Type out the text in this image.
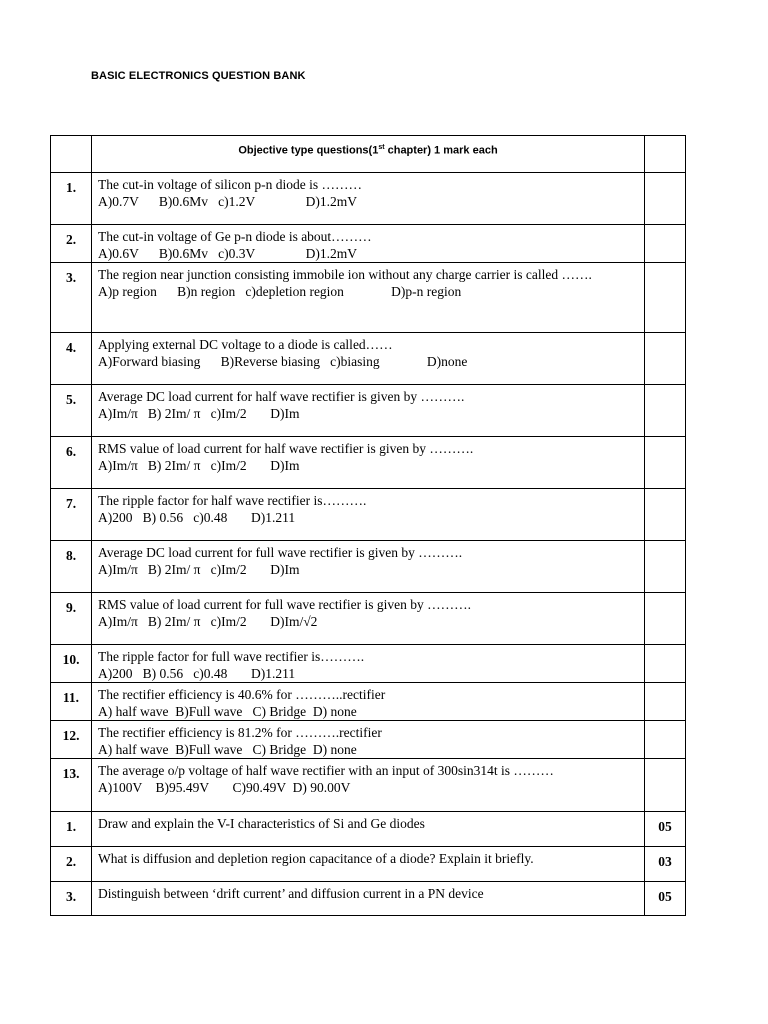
BASIC ELECTRONICS QUESTION BANK
	Objective type questions(1st chapter) 1 mark each	
1.	The cut-in voltage of silicon p-n diode is ………
A)0.7V      B)0.6Mv   c)1.2V               D)1.2mV	

2.	The cut-in voltage of Ge p-n diode is about………
A)0.6V      B)0.6Mv   c)0.3V               D)1.2mV	

3.	The region near junction consisting immobile ion without any charge carrier is called …….
A)p region      B)n region   c)depletion region              D)p-n region	

4.	Applying external DC voltage to a diode is called……
A)Forward biasing      B)Reverse biasing   c)biasing              D)none	

5.	Average DC load current for half wave rectifier is given by ……….
A)Im/π   B) 2Im/ π   c)Im/2       D)Im	

6.	RMS value of load current for half wave rectifier is given by ……….
A)Im/π   B) 2Im/ π   c)Im/2       D)Im	

7.	The ripple factor for half wave rectifier is……….
A)200   B) 0.56   c)0.48       D)1.211	

8.	Average DC load current for full wave rectifier is given by ……….
A)Im/π   B) 2Im/ π   c)Im/2       D)Im	

9.	RMS value of load current for full wave rectifier is given by ……….
A)Im/π   B) 2Im/ π   c)Im/2       D)Im/√2	

10.	The ripple factor for full wave rectifier is……….
A)200   B) 0.56   c)0.48       D)1.211	

11.	The rectifier efficiency is 40.6% for ………..rectifier
A) half wave  B)Full wave   C) Bridge  D) none	

12.	The rectifier efficiency is 81.2% for ……….rectifier
A) half wave  B)Full wave   C) Bridge  D) none	

13.	The average o/p voltage of half wave rectifier with an input of 300sin314t is ………
A)100V    B)95.49V       C)90.49V  D) 90.00V	

1.	Draw and explain the V-I characteristics of Si and Ge diodes	05
2.	What is diffusion and depletion region capacitance of a diode? Explain it briefly.	03
3.	Distinguish between ‘drift current’ and diffusion current in a PN device	05
